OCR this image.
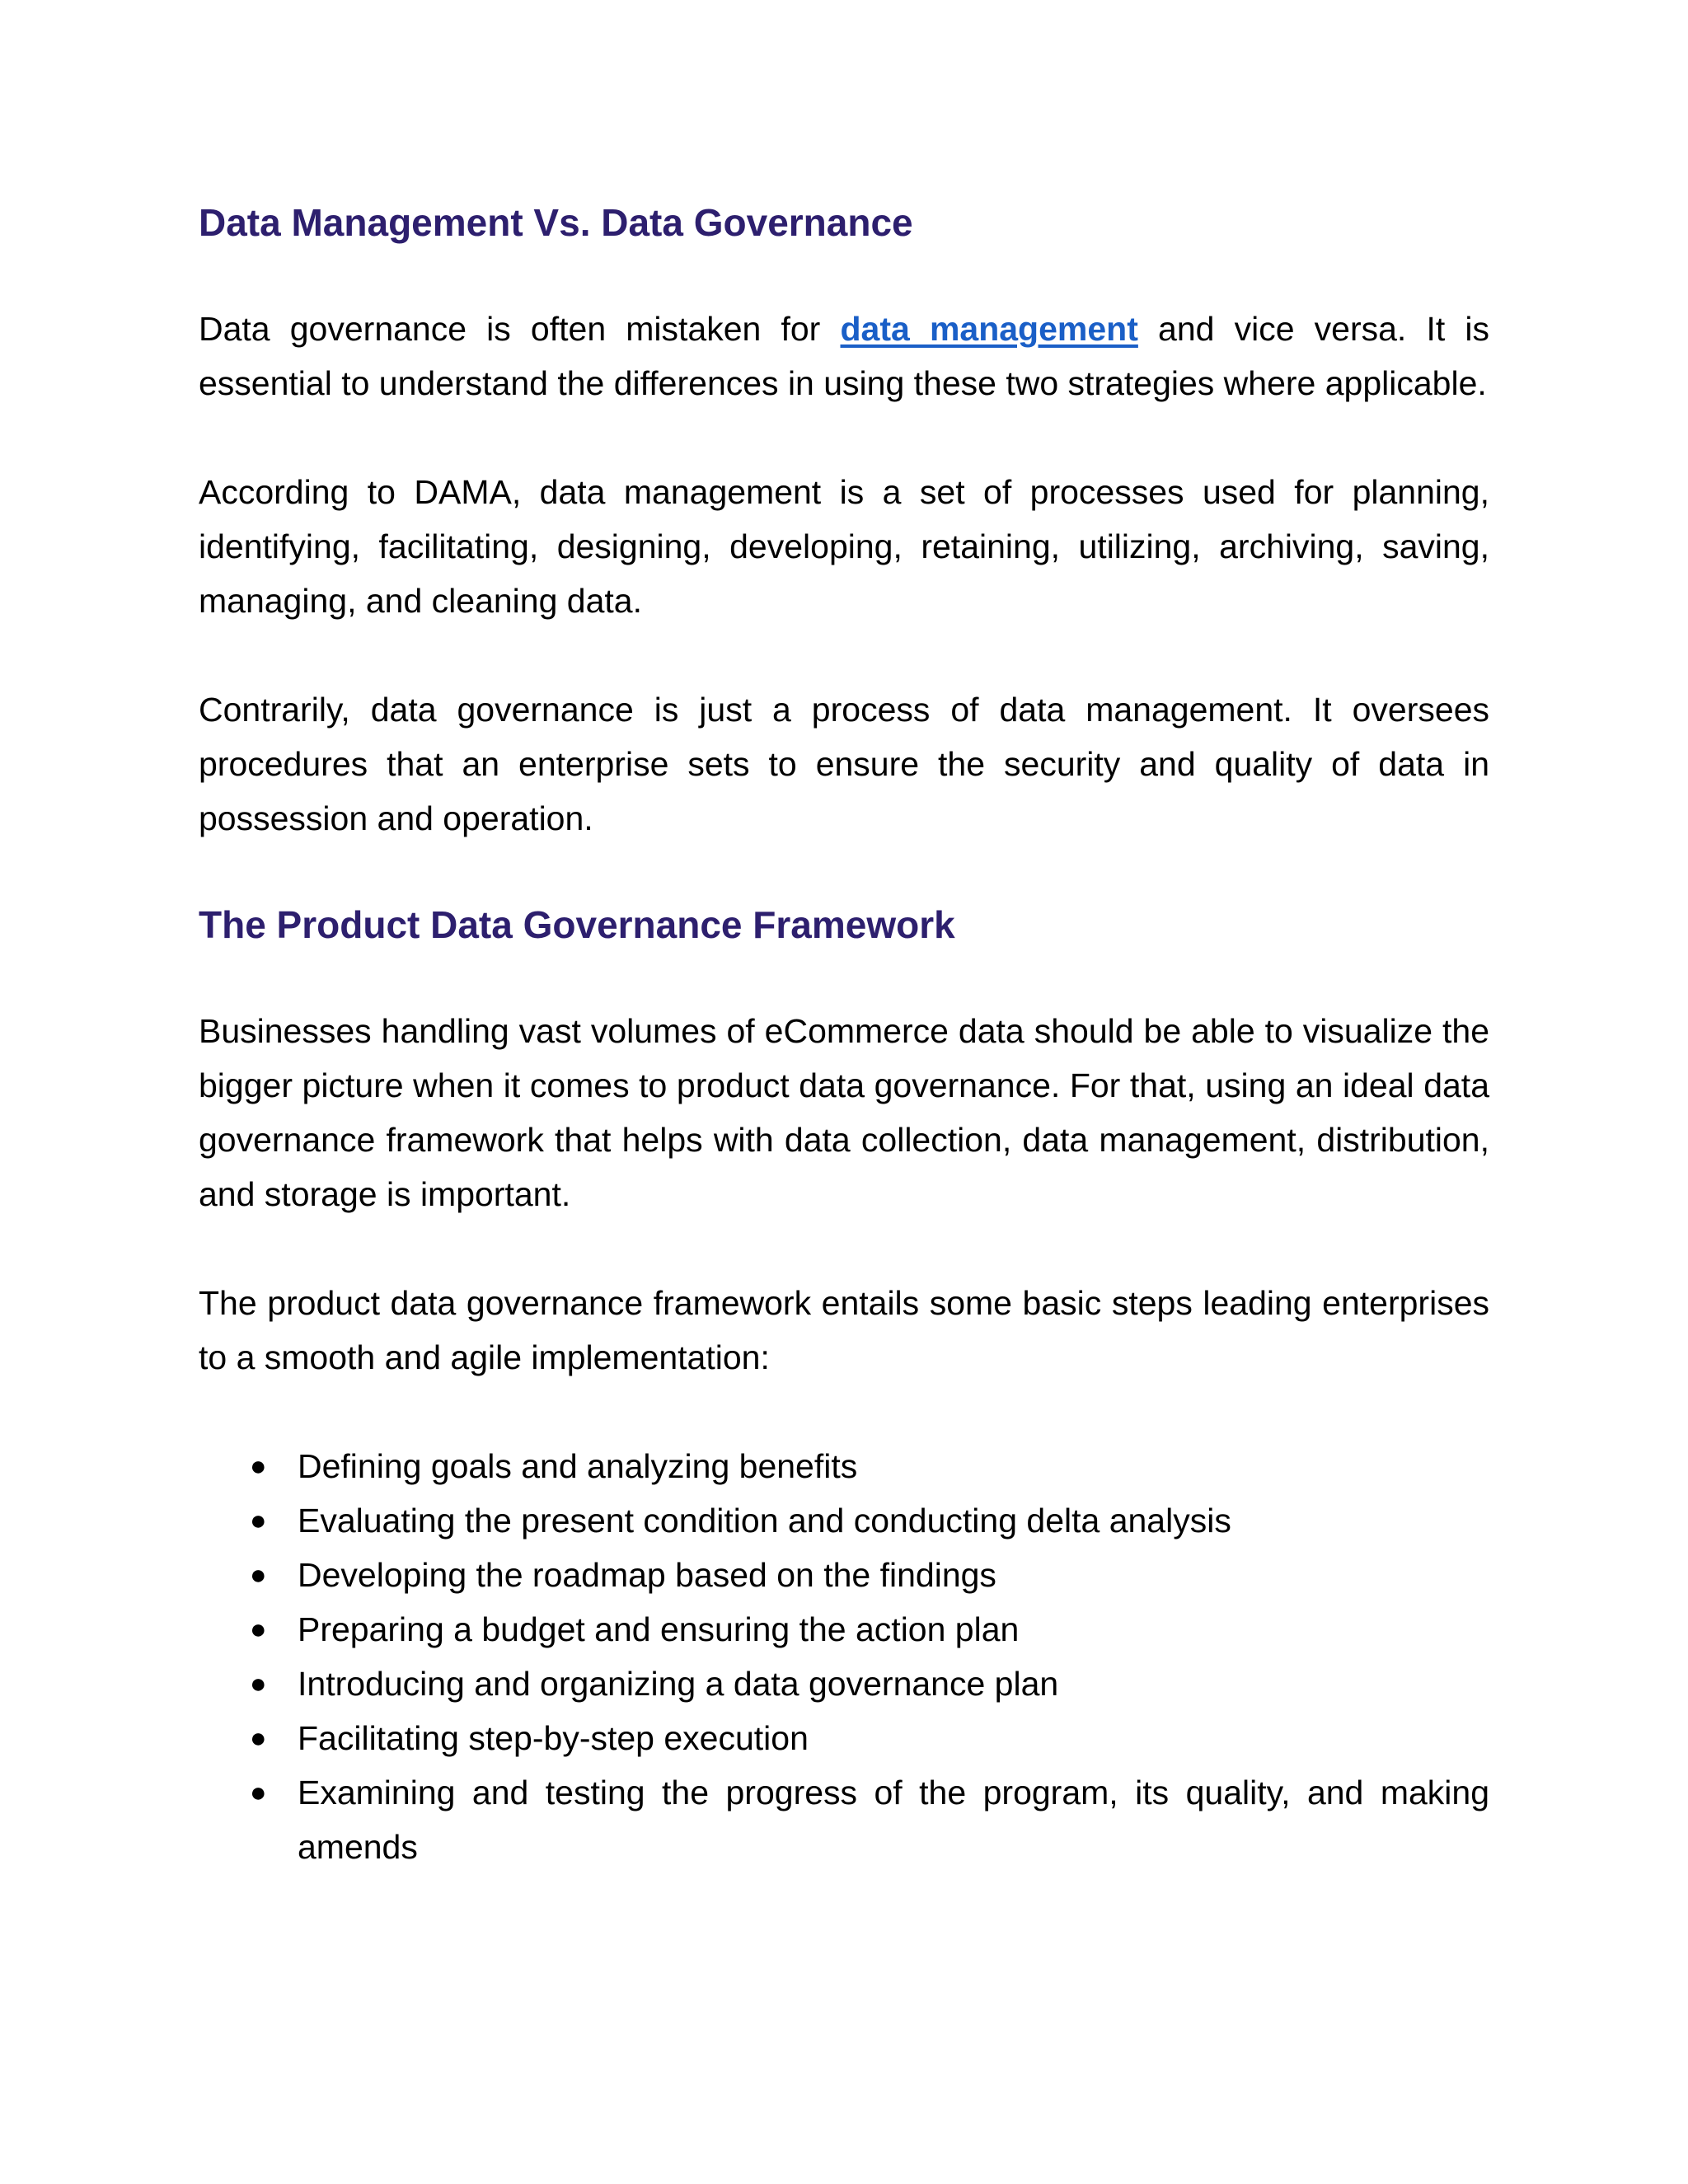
Data Management Vs. Data Governance

Data governance is often mistaken for data management and vice versa. It is essential to understand the differences in using these two strategies where applicable.

According to DAMA, data management is a set of processes used for planning, identifying, facilitating, designing, developing, retaining, utilizing, archiving, saving, managing, and cleaning data.

Contrarily, data governance is just a process of data management. It oversees procedures that an enterprise sets to ensure the security and quality of data in possession and operation.

The Product Data Governance Framework

Businesses handling vast volumes of eCommerce data should be able to visualize the bigger picture when it comes to product data governance. For that, using an ideal data governance framework that helps with data collection, data management, distribution, and storage is important.

The product data governance framework entails some basic steps leading enterprises to a smooth and agile implementation:

● Defining goals and analyzing benefits
● Evaluating the present condition and conducting delta analysis
● Developing the roadmap based on the findings
● Preparing a budget and ensuring the action plan
● Introducing and organizing a data governance plan
● Facilitating step-by-step execution
● Examining and testing the progress of the program, its quality, and making amends
